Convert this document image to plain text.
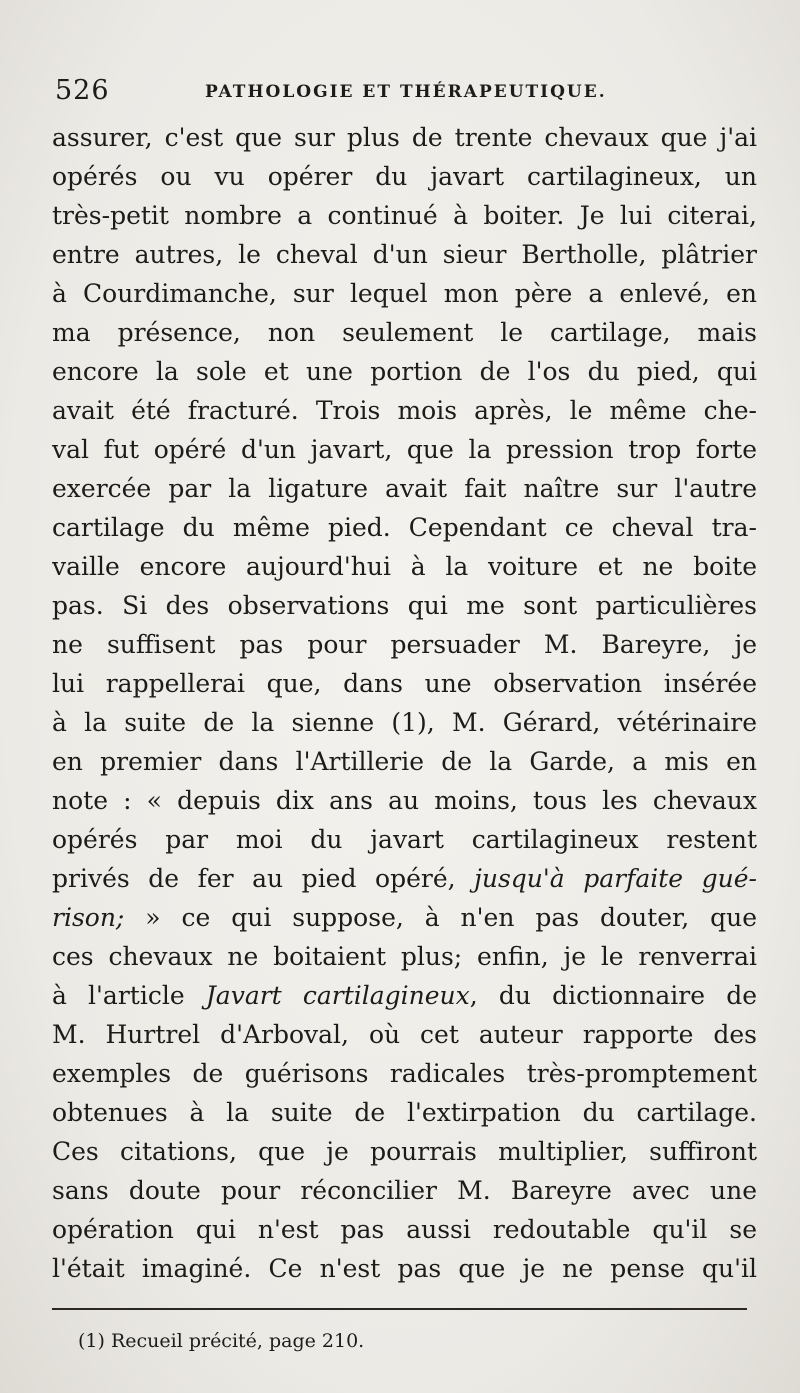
526	PATHOLOGIE ET THÉRAPEUTIQUE.
assurer, c'est que sur plus de trente chevaux que j'ai
opérés ou vu opérer du javart cartilagineux, un
très-petit nombre a continué à boiter. Je lui citerai,
entre autres, le cheval d'un sieur Bertholle, plâtrier
à Courdimanche, sur lequel mon père a enlevé, en
ma présence, non seulement le cartilage, mais
encore la sole et une portion de l'os du pied, qui
avait été fracturé. Trois mois après, le même che-
val fut opéré d'un javart, que la pression trop forte
exercée par la ligature avait fait naître sur l'autre
cartilage du même pied. Cependant ce cheval tra-
vaille encore aujourd'hui à la voiture et ne boite
pas. Si des observations qui me sont particulières
ne suffisent pas pour persuader M. Bareyre, je
lui rappellerai que, dans une observation insérée
à la suite de la sienne (1), M. Gérard, vétérinaire
en premier dans l'Artillerie de la Garde, a mis en
note : « depuis dix ans au moins, tous les chevaux
opérés par moi du javart cartilagineux restent
privés de fer au pied opéré, jusqu'à parfaite gué-
rison; » ce qui suppose, à n'en pas douter, que
ces chevaux ne boitaient plus; enfin, je le renverrai
à l'article Javart cartilagineux, du dictionnaire de
M. Hurtrel d'Arboval, où cet auteur rapporte des
exemples de guérisons radicales très-promptement
obtenues à la suite de l'extirpation du cartilage.
Ces citations, que je pourrais multiplier, suffiront
sans doute pour réconcilier M. Bareyre avec une
opération qui n'est pas aussi redoutable qu'il se
l'était imaginé. Ce n'est pas que je ne pense qu'il
(1) Recueil précité, page 210.
